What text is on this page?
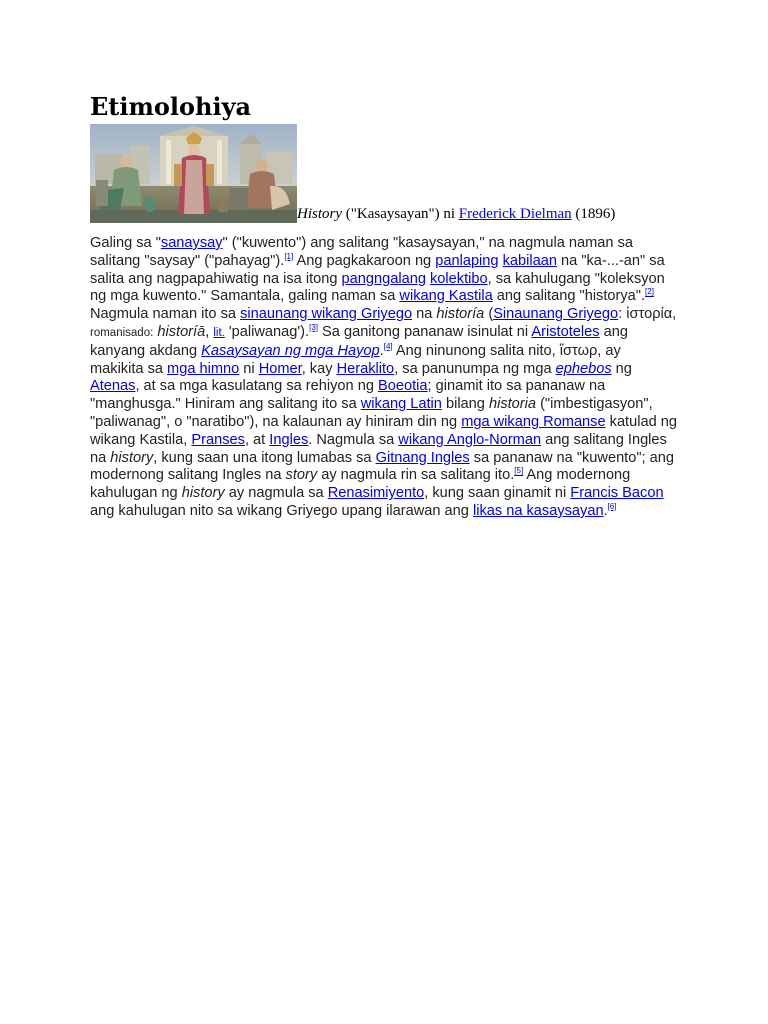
Etimolohiya
History ("Kasaysayan") ni Frederick Dielman (1896)

Galing sa "sanaysay" ("kuwento") ang salitang "kasaysayan," na nagmula naman sa salitang "saysay" ("pahayag").[1] Ang pagkakaroon ng panlaping kabilaan na "ka-...-an" sa salita ang nagpapahiwatig na isa itong pangngalang kolektibo, sa kahulugang "koleksyon ng mga kuwento." Samantala, galing naman sa wikang Kastila ang salitang "historya".[2] Nagmula naman ito sa sinaunang wikang Griyego na historía (Sinaunang Griyego: ἱστορία, romanisado: historíā, lit. 'paliwanag').[3] Sa ganitong pananaw isinulat ni Aristoteles ang kanyang akdang Kasaysayan ng mga Hayop.[4] Ang ninunong salita nito, ἵστωρ, ay makikita sa mga himno ni Homer, kay Heraklito, sa panunumpa ng mga ephebos ng Atenas, at sa mga kasulatang sa rehiyon ng Boeotia; ginamit ito sa pananaw na "manghusga." Hiniram ang salitang ito sa wikang Latin bilang historia ("imbestigasyon", "paliwanag", o "naratibo"), na kalaunan ay hiniram din ng mga wikang Romanse katulad ng wikang Kastila, Pranses, at Ingles. Nagmula sa wikang Anglo-Norman ang salitang Ingles na history, kung saan una itong lumabas sa Gitnang Ingles sa pananaw na "kuwento"; ang modernong salitang Ingles na story ay nagmula rin sa salitang ito.[5] Ang modernong kahulugan ng history ay nagmula sa Renasimiyento, kung saan ginamit ni Francis Bacon ang kahulugan nito sa wikang Griyego upang ilarawan ang likas na kasaysayan.[6]
